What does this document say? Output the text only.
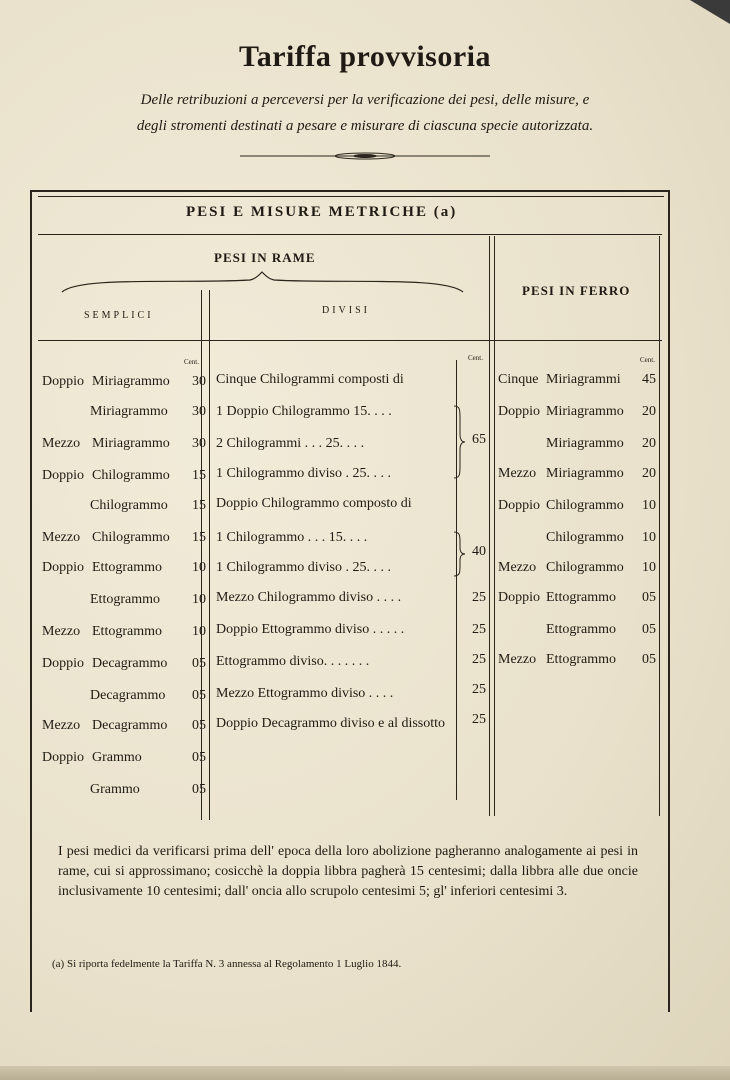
Tariffa provvisoria
Delle retribuzioni a perceversi per la verificazione dei pesi, delle misure, e
degli stromenti destinati a pesare e misurare di ciascuna specie autorizzata.
PESI E MISURE METRICHE (a)
PESI IN RAME
PESI IN FERRO
SEMPLICI	DIVISI
Cent.	Cent.	Cent.
Doppio Miriagrammo	30
Miriagrammo	30
Mezzo Miriagrammo	30
Doppio Chilogrammo	15
Chilogrammo	15
Mezzo Chilogrammo	15
Doppio Ettogrammo	10
Ettogrammo	10
Mezzo Ettogrammo	10
Doppio Decagrammo	05
Decagrammo	05
Mezzo Decagrammo	05
Doppio Grammo	05
Grammo	05
Cinque Chilogrammi composti di
1 Doppio Chilogrammo 15. . . .
2 Chilogrammi . . . 25. . . .	65
1 Chilogrammo diviso . 25. . . .
Doppio Chilogrammo composto di
1 Chilogrammo . . . 15. . . .
40
1 Chilogrammo diviso . 25. . . .
Mezzo Chilogrammo diviso . . . .	25
Doppio Ettogrammo diviso . . . . .	25
Ettogrammo diviso. . . . . . .	25
Mezzo Ettogrammo diviso . . . .	25
Doppio Decagrammo diviso e al dissotto	25
Cinque Miriagrammi	45
Doppio Miriagrammo	20
Miriagrammo	20
Mezzo Miriagrammo	20
Doppio Chilogrammo	10
Chilogrammo	10
Mezzo Chilogrammo	10
Doppio Ettogrammo	05
Ettogrammo	05
Mezzo Ettogrammo	05
I pesi medici da verificarsi prima dell' epoca della loro abolizione pagheranno analogamente ai pesi in rame, cui si approssimano; cosicchè la doppia libbra pagherà 15 centesimi; dalla libbra alle due oncie inclusivamente 10 centesimi; dall' oncia allo scrupolo centesimi 5; gl' inferiori centesimi 3.
(a) Si riporta fedelmente la Tariffa N. 3 annessa al Regolamento 1 Luglio 1844.
